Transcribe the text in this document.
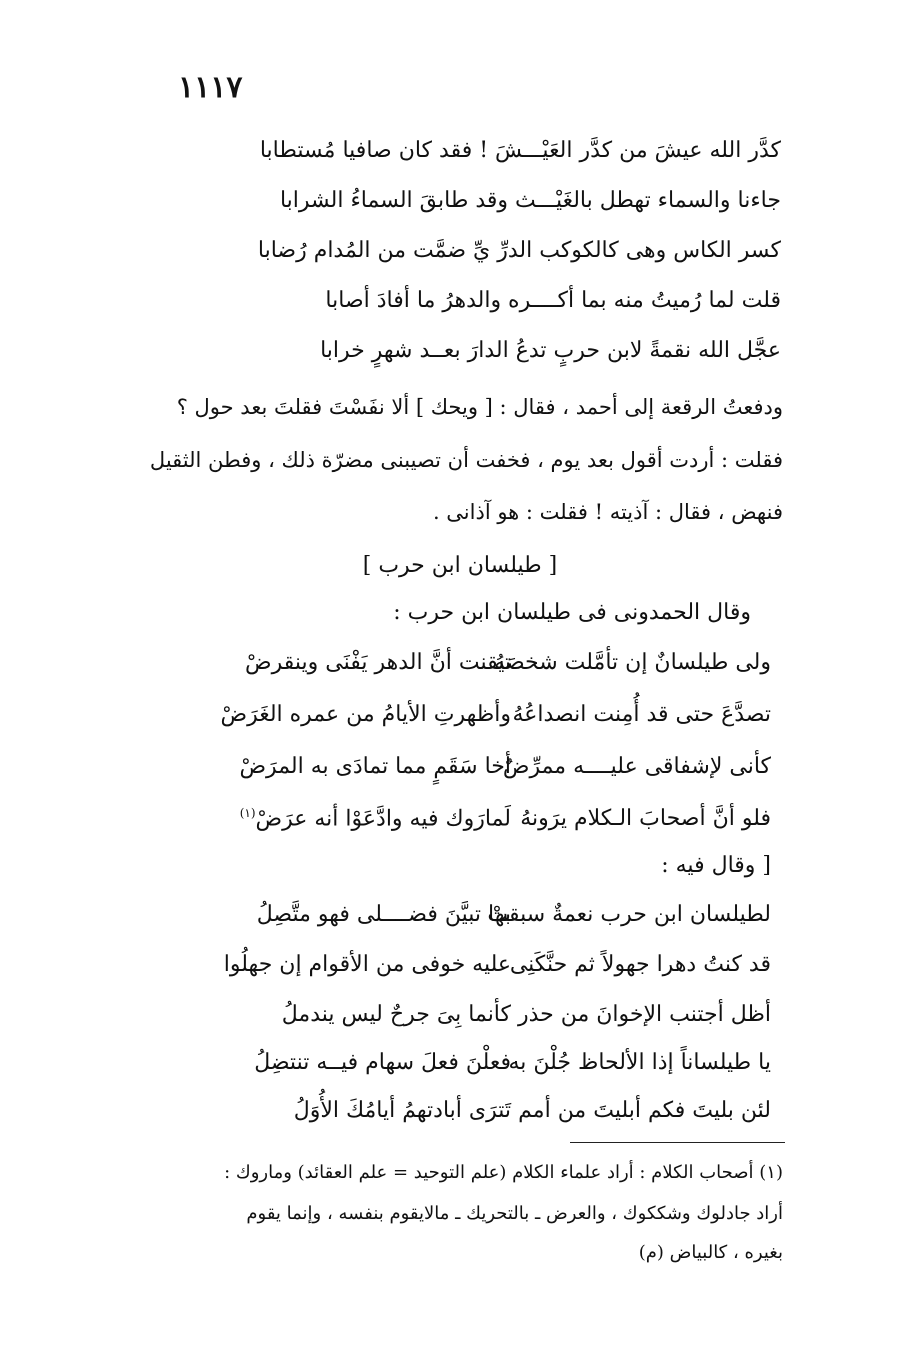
١١١٧
كدَّر الله عيشَ من كدَّر العَيْـــشَ ! فقد كان صافيا مُستطابا
جاءنا والسماء تهطل بالغَيْـــث وقد طابقَ السماءُ الشرابا
كسر الكاس وهى كالكوكب الدرِّ يِّ ضمَّت من المُدام رُضابا
قلت لما رُميتُ منه بما أكــــره والدهرُ ما أفادَ أصابا
عجَّل الله نقمةً لابن حربٍ تدعُ الدارَ بعــد شهرٍ خرابا
ودفعتُ الرقعة إلى أحمد ، فقال : [ ويحك ] ألا نفَسْتَ فقلتَ بعد حول ؟
فقلت : أردت أقول بعد يوم ، فخفت أن تصيبنى مضرّة ذلك ، وفطن الثقيل
فنهض ، فقال : آذيته ! فقلت : هو آذانى .
[ طيلسان ابن حرب ]
وقال الحمدونى فى طيلسان ابن حرب :
ولى طيلسانٌ إن تأمَّلت شخصَهُ
تيقنت أنَّ الدهر يَفْنَى وينقرضْ
تصدَّعَ حتى قد أُمِنت انصداعُهُ
وأظهرتِ الأيامُ من عمره الغَرَضْ
كأنى لإشفاقى عليــــه ممرِّضٌ
أخا سَقَمٍ مما تمادَى به المرَضْ
فلو أنَّ أصحابَ الـكلام يرَونهُ
لَمارَوك فيه وادَّعَوْا أنه عرَضْ$^{(١)}$
[ وقال فيه :
لطيلسان ابن حرب نعمةٌ سبقتْ
بها تبيَّنَ فضــــلى فهو متَّصِلُ
قد كنتُ دهرا جهولاً ثم حنَّكَنِى
عليه خوفى من الأقوام إن جهلُوا
أظل أجتنب الإخوانَ من حذر
كأنما بِىَ جرحٌ ليس يندملُ
يا طيلساناً إذا الألحاظ جُلْنَ به
فعلْنَ فعلَ سهام فيــه تنتضِلُ
لئن بليتَ فكم أبليتَ من أمم
تَترَى أبادتهمُ أيامُكَ الأُوَلُ
(١) أصحاب الكلام : أراد علماء الكلام (علم التوحيد = علم العقائد) وماروك :
أراد جادلوك وشككوك ، والعرض ـ بالتحريك ـ مالايقوم بنفسه ، وإنما يقوم
بغيره ، كالبياض (م)
